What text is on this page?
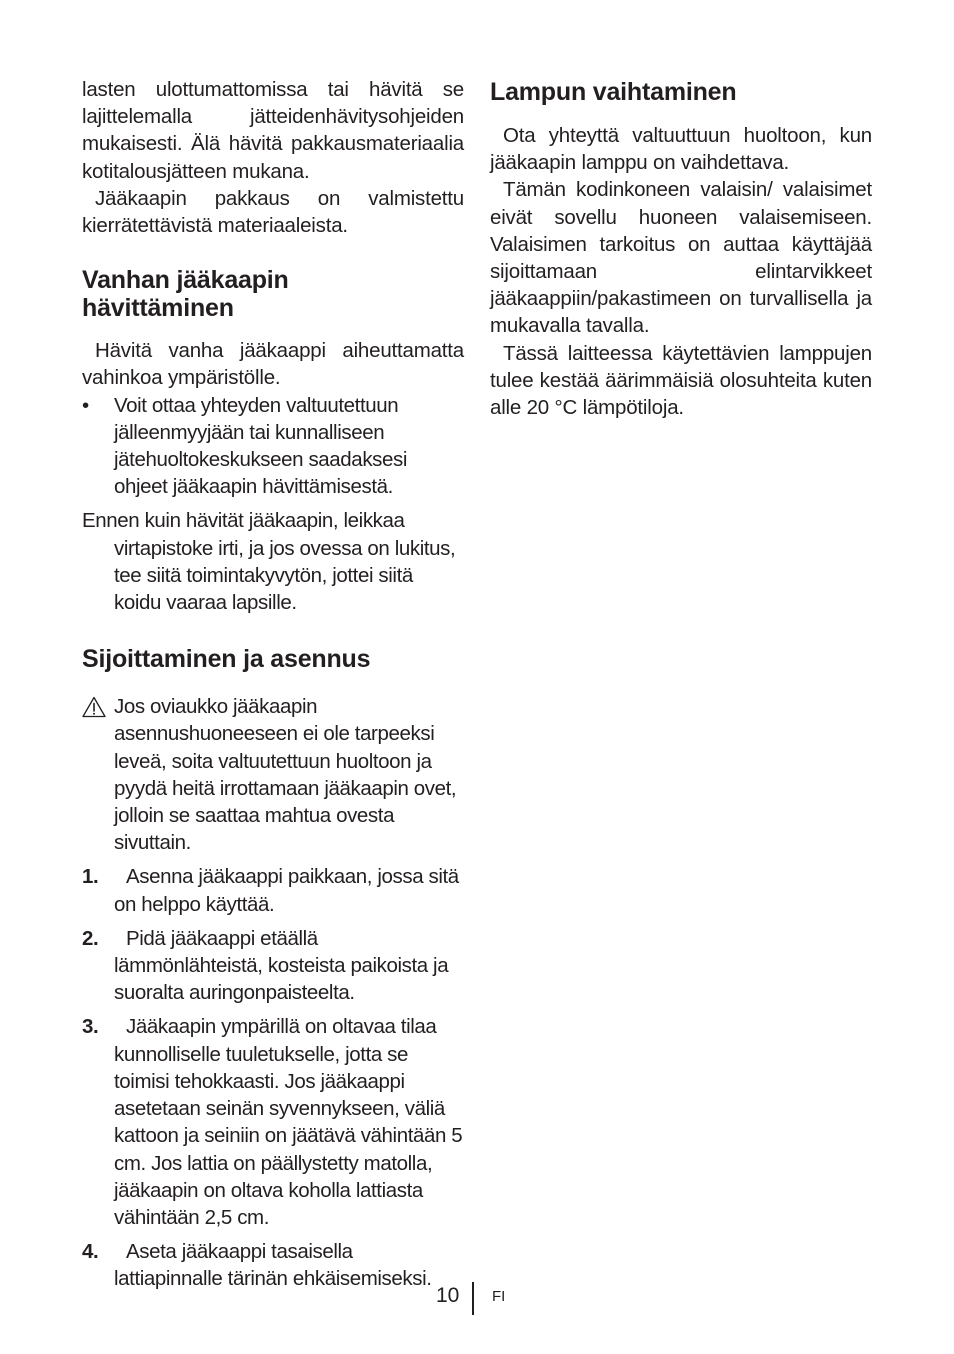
lasten ulottumattomissa tai hävitä se lajittelemalla jätteidenhävitysohjeiden mukaisesti. Älä hävitä pakkausmateriaalia kotitalousjätteen mukana.

Jääkaapin pakkaus on valmistettu kierrätettävistä materiaaleista.

Vanhan jääkaapin
hävittäminen

Hävitä vanha jääkaappi aiheuttamatta vahinkoa ympäristölle.

•	Voit ottaa yhteyden valtuutettuun jälleenmyyjään tai kunnalliseen jätehuoltokeskukseen saadaksesi ohjeet jääkaapin hävittämisestä.

Ennen kuin hävität jääkaapin, leikkaa virtapistoke irti, ja jos ovessa on lukitus, tee siitä toimintakyvytön, jottei siitä koidu vaaraa lapsille.

Sijoittaminen ja asennus
Jos oviaukko jääkaapin asennushuoneeseen ei ole tarpeeksi leveä, soita valtuutettuun huoltoon ja pyydä heitä irrottamaan jääkaapin ovet, jolloin se saattaa mahtua ovesta sivuttain.
1. Asenna jääkaappi paikkaan, jossa sitä on helppo käyttää.
2. Pidä jääkaappi etäällä lämmönlähteistä, kosteista paikoista ja suoralta auringonpaisteelta.
3. Jääkaapin ympärillä on oltavaa tilaa kunnolliselle tuuletukselle, jotta se toimisi tehokkaasti. Jos jääkaappi asetetaan seinän syvennykseen, väliä kattoon ja seiniin on jäätävä vähintään 5 cm. Jos lattia on päällystetty matolla, jääkaapin on oltava koholla lattiasta vähintään 2,5 cm.
4. Aseta jääkaappi tasaisella lattiapinnalle tärinän ehkäisemiseksi.
Lampun vaihtaminen

Ota yhteyttä valtuuttuun huoltoon, kun jääkaapin lamppu on vaihdettava.

Tämän kodinkoneen valaisin/ valaisimet eivät sovellu huoneen valaisemiseen. Valaisimen tarkoitus on auttaa käyttäjää sijoittamaan elintarvikkeet jääkaappiin/pakastimeen on turvallisella ja mukavalla tavalla.

Tässä laitteessa käytettävien lamppujen tulee kestää äärimmäisiä olosuhteita kuten alle 20 °C lämpötiloja.

10 FI
